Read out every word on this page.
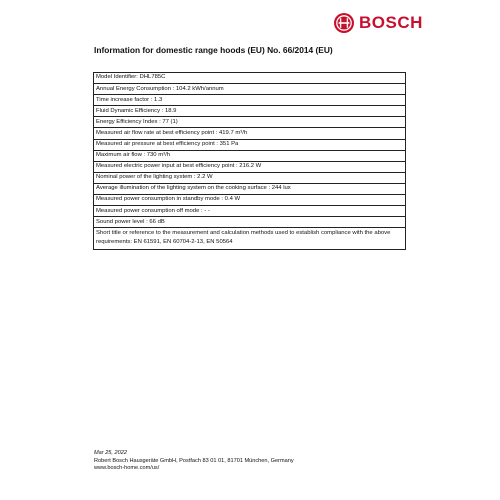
BOSCH
Information for domestic range hoods (EU) No. 66/2014 (EU)
Model Identifier: DHL785C
Annual Energy Consumption : 104.2 kWh/annum
Time increase factor : 1.3
Fluid Dynamic Efficiency : 18.9
Energy Efficiency Index : 77 (1)
Measured air flow rate at best efficiency point : 419.7 m³/h
Measured air pressure at best efficiency point : 351 Pa
Maximum air flow : 730 m³/h
Measured electric power input at best efficiency point : 216.2 W
Nominal power of the lighting system : 2.2 W
Average illumination of the lighting system on the cooking surface : 244 lux
Measured power consumption in standby mode : 0.4 W
Measured power consumption off mode : - -
Sound power level : 66 dB
Short title or reference to the measurement and calculation methods used to establish compliance with the above requirements: EN 61591, EN 60704-2-13, EN 50564
Mar 25, 2022
Robert Bosch Hausgeräte GmbH, Postfach 83 01 01, 81701 München, Germany
www.bosch-home.com/us/
